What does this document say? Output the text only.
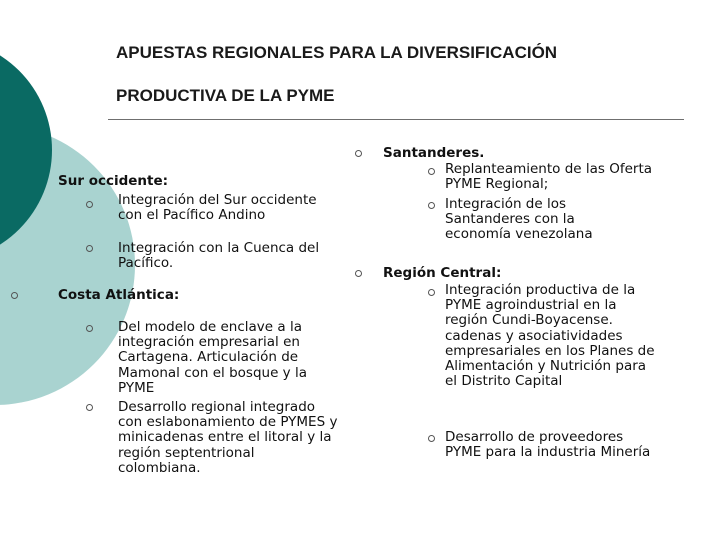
APUESTAS REGIONALES PARA LA DIVERSIFICACIÓN
PRODUCTIVA DE LA PYME
Sur occidente:
Integración del Sur occidente con el Pacífico Andino
Integración con la Cuenca del Pacífico.
Costa Atlántica:
Del modelo de enclave a la integración empresarial en Cartagena. Articulación de Mamonal con el bosque y la PYME
Desarrollo regional integrado con eslabonamiento de PYMES y minicadenas entre el litoral y la región septentrional colombiana.
Santanderes.
Replanteamiento de las Oferta PYME Regional;
Integración de los Santanderes con la economía venezolana
Región Central:
Integración productiva de la PYME agroindustrial en la región Cundi-Boyacense. cadenas y asociatividades empresariales en los Planes de Alimentación y Nutrición para el Distrito Capital
Desarrollo de proveedores PYME para la industria Minería
